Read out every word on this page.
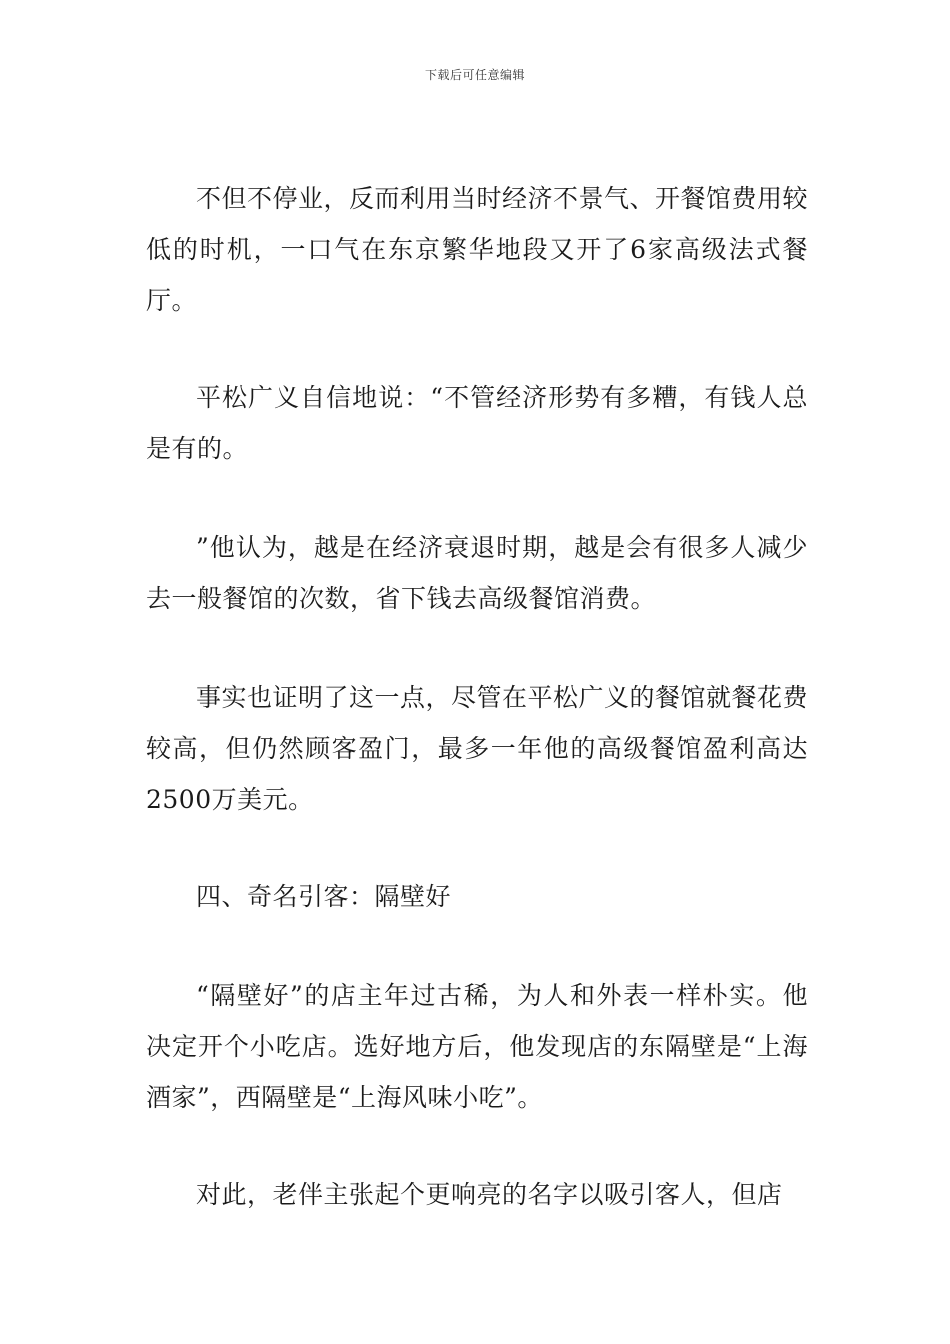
下载后可任意编辑

不但不停业，反而利用当时经济不景气、开餐馆费用较低的时机，一口气在东京繁华地段又开了6家高级法式餐厅。

平松广义自信地说：“不管经济形势有多糟，有钱人总是有的。

”他认为，越是在经济衰退时期，越是会有很多人减少去一般餐馆的次数，省下钱去高级餐馆消费。

事实也证明了这一点，尽管在平松广义的餐馆就餐花费较高，但仍然顾客盈门，最多一年他的高级餐馆盈利高达2500万美元。

四、奇名引客：隔壁好

“隔壁好”的店主年过古稀，为人和外表一样朴实。他决定开个小吃店。选好地方后，他发现店的东隔壁是“上海酒家”，西隔壁是“上海风味小吃”。

对此，老伴主张起个更响亮的名字以吸引客人，但店
